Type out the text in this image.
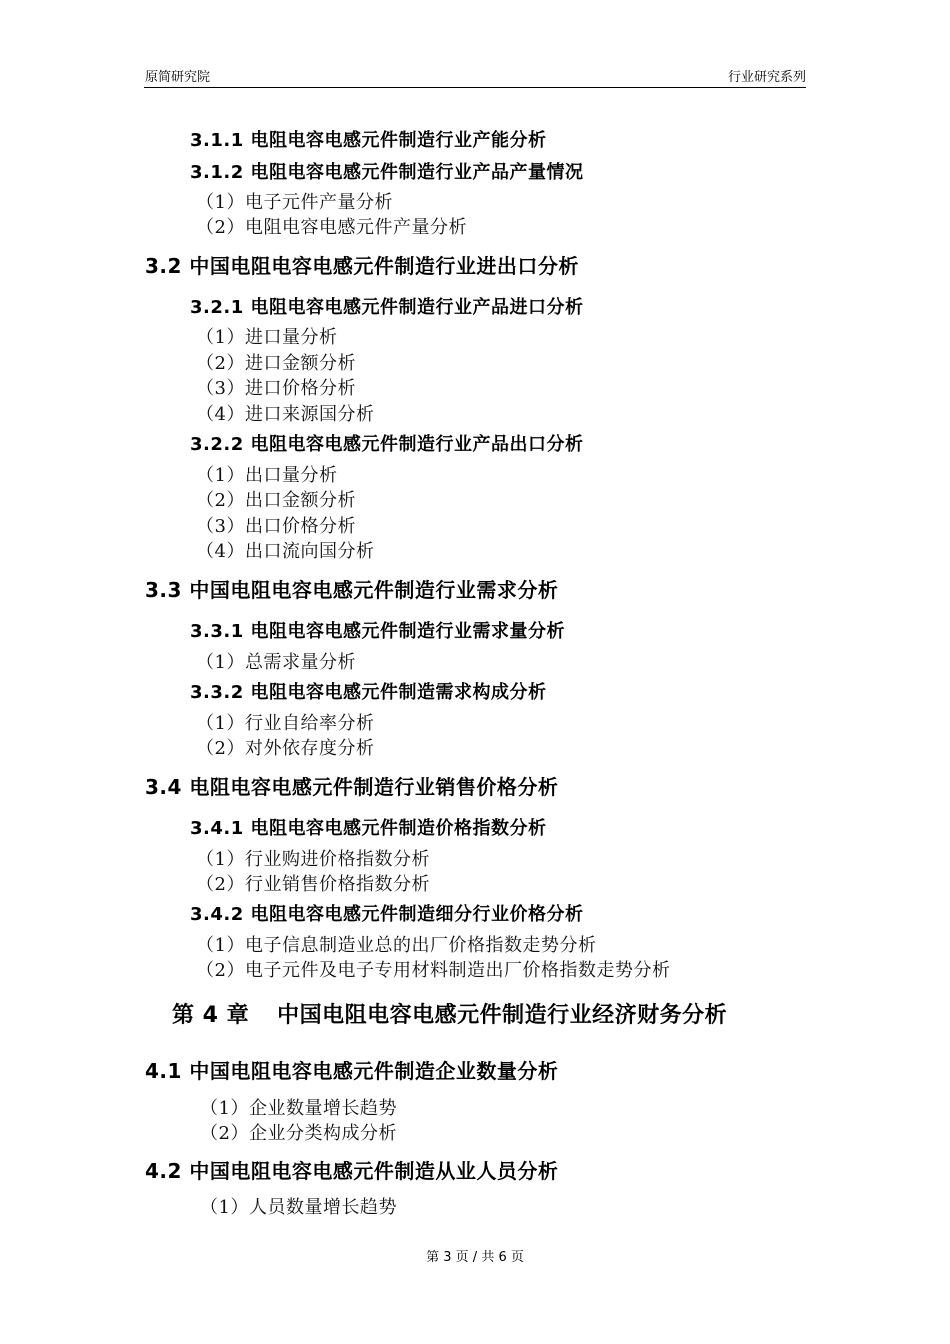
原简研究院	行业研究系列
3.1.1 电阻电容电感元件制造行业产能分析
3.1.2 电阻电容电感元件制造行业产品产量情况
（1）电子元件产量分析
（2）电阻电容电感元件产量分析
3.2 中国电阻电容电感元件制造行业进出口分析
3.2.1 电阻电容电感元件制造行业产品进口分析
（1）进口量分析
（2）进口金额分析
（3）进口价格分析
（4）进口来源国分析
3.2.2 电阻电容电感元件制造行业产品出口分析
（1）出口量分析
（2）出口金额分析
（3）出口价格分析
（4）出口流向国分析
3.3 中国电阻电容电感元件制造行业需求分析
3.3.1 电阻电容电感元件制造行业需求量分析
（1）总需求量分析
3.3.2 电阻电容电感元件制造需求构成分析
（1）行业自给率分析
（2）对外依存度分析
3.4 电阻电容电感元件制造行业销售价格分析
3.4.1 电阻电容电感元件制造价格指数分析
（1）行业购进价格指数分析
（2）行业销售价格指数分析
3.4.2 电阻电容电感元件制造细分行业价格分析
（1）电子信息制造业总的出厂价格指数走势分析
（2）电子元件及电子专用材料制造出厂价格指数走势分析
第 4 章 中国电阻电容电感元件制造行业经济财务分析
4.1 中国电阻电容电感元件制造企业数量分析
（1）企业数量增长趋势
（2）企业分类构成分析
4.2 中国电阻电容电感元件制造从业人员分析
（1）人员数量增长趋势
第 3 页 / 共 6 页
